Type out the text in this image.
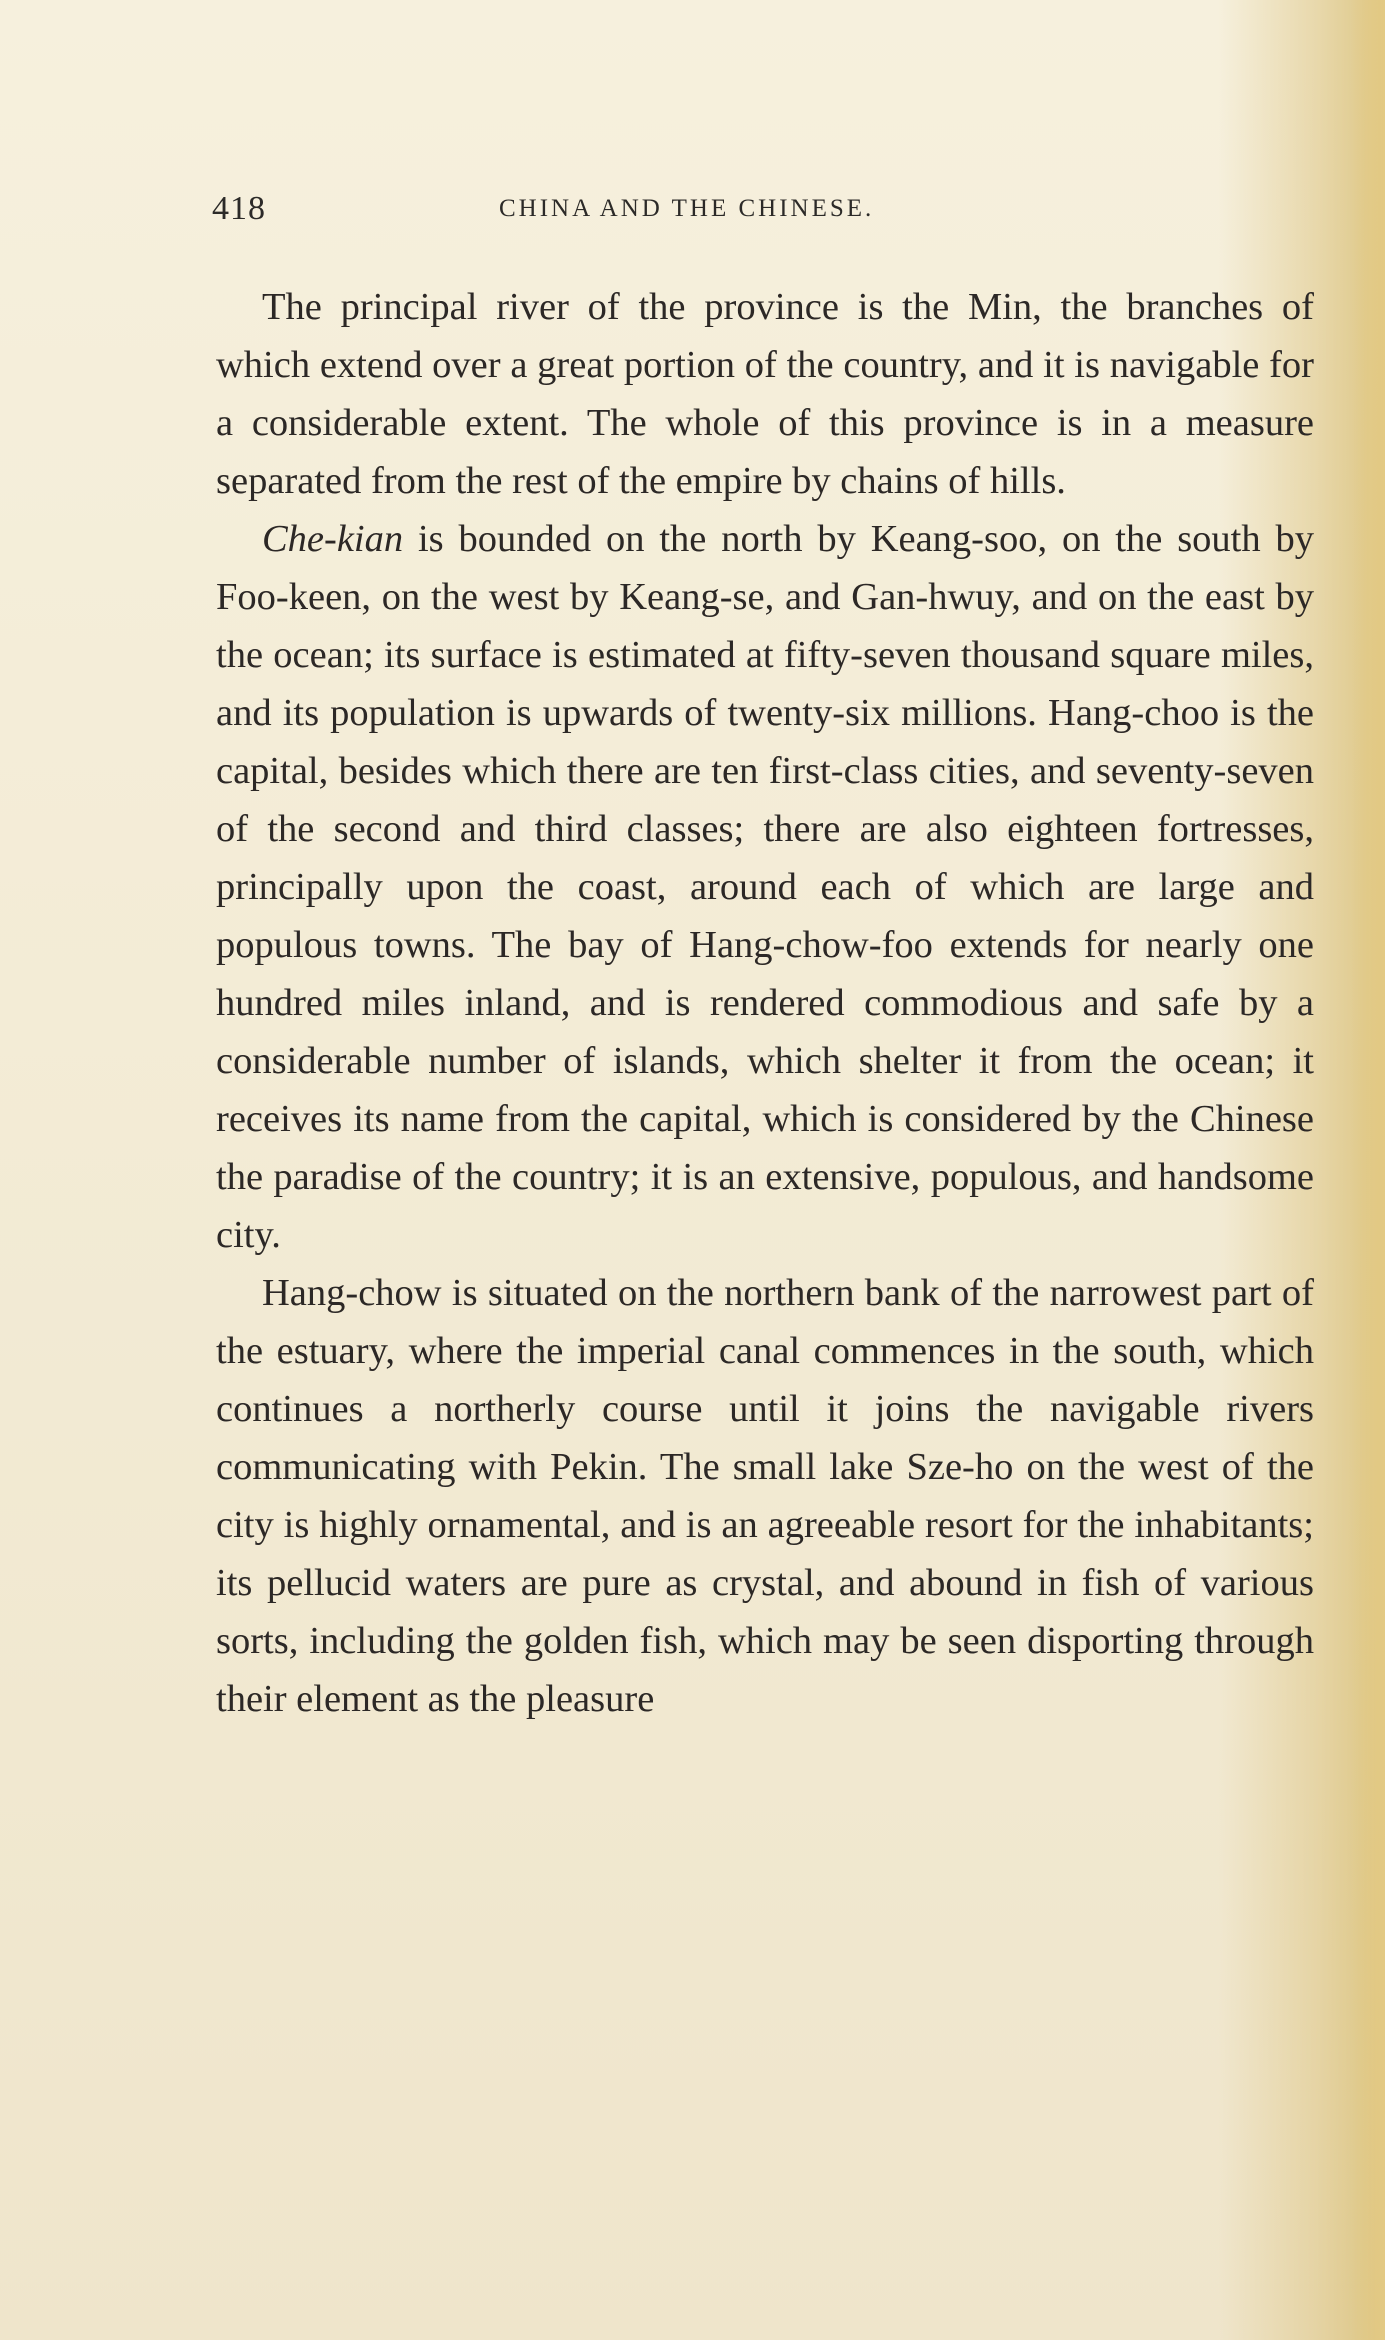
418	CHINA AND THE CHINESE.

The principal river of the province is the Min, the branches of which extend over a great portion of the country, and it is navigable for a considerable extent. The whole of this province is in a measure separated from the rest of the empire by chains of hills.

Che-kian is bounded on the north by Keang-soo, on the south by Foo-keen, on the west by Keang-se, and Gan-hwuy, and on the east by the ocean; its surface is estimated at fifty-seven thousand square miles, and its population is upwards of twenty-six millions. Hang-choo is the capital, besides which there are ten first-class cities, and seventy-seven of the second and third classes; there are also eighteen fortresses, principally upon the coast, around each of which are large and populous towns. The bay of Hang-chow-foo extends for nearly one hundred miles inland, and is rendered commodious and safe by a considerable number of islands, which shelter it from the ocean; it receives its name from the capital, which is considered by the Chinese the paradise of the country; it is an extensive, populous, and handsome city.

Hang-chow is situated on the northern bank of the narrowest part of the estuary, where the imperial canal commences in the south, which continues a northerly course until it joins the navigable rivers communicating with Pekin. The small lake Sze-ho on the west of the city is highly ornamental, and is an agreeable resort for the inhabitants; its pellucid waters are pure as crystal, and abound in fish of various sorts, including the golden fish, which may be seen disporting through their element as the pleasure
